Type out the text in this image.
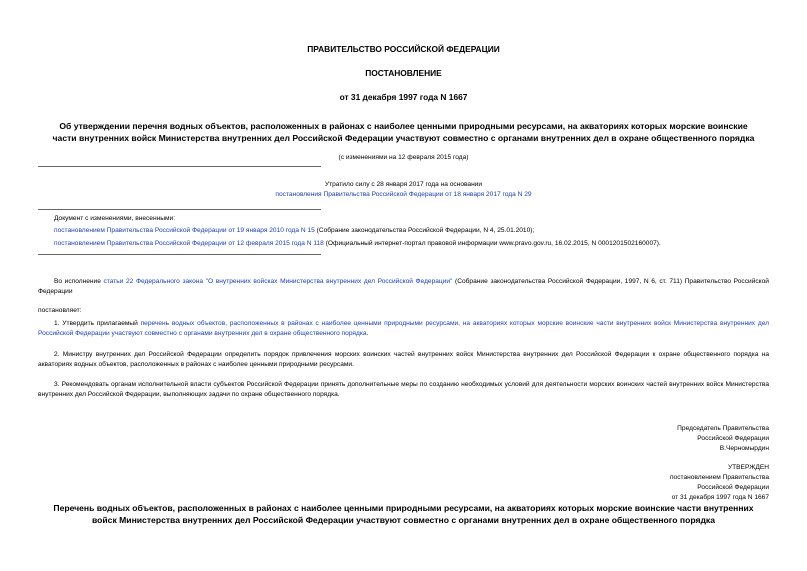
ПРАВИТЕЛЬСТВО РОССИЙСКОЙ ФЕДЕРАЦИИ
ПОСТАНОВЛЕНИЕ
от 31 декабря 1997 года N 1667
Об утверждении перечня водных объектов, расположенных в районах с наиболее ценными природными ресурсами, на акваториях которых морские воинские
части внутренних войск Министерства внутренних дел Российской Федерации участвуют совместно с органами внутренних дел в охране общественного порядка
(с изменениями на 12 февраля 2015 года)
Утратило силу с 28 января 2017 года на основании
постановления Правительства Российской Федерации от 18 января 2017 года N 29
Документ с изменениями, внесенными:
постановлением Правительства Российской Федерации от 19 января 2010 года N 15 (Собрание законодательства Российской Федерации, N 4, 25.01.2010);
постановлением Правительства Российской Федерации от 12 февраля 2015 года N 118 (Официальный интернет-портал правовой информации www.pravo.gov.ru, 16.02.2015, N 0001201502160007).

Во исполнение статьи 22 Федерального закона "О внутренних войсках Министерства внутренних дел Российской Федерации" (Собрание законодательства Российской Федерации, 1997, N 6, ст. 711) Правительство Российской Федерации

постановляет:

1. Утвердить прилагаемый перечень водных объектов, расположенных в районах с наиболее ценными природными ресурсами, на акваториях которых морские воинские части внутренних войск Министерства внутренних дел Российской Федерации участвуют совместно с органами внутренних дел в охране общественного порядка.

2. Министру внутренних дел Российской Федерации определить порядок привлечения морских воинских частей внутренних войск Министерства внутренних дел Российской Федерации к охране общественного порядка на акваториях водных объектов, расположенных в районах с наиболее ценными природными ресурсами.

3. Рекомендовать органам исполнительной власти субъектов Российской Федерации принять дополнительные меры по созданию необходимых условий для деятельности морских воинских частей внутренних войск Министерства внутренних дел Российской Федерации, выполняющих задачи по охране общественного порядка.

Председатель Правительства
Российской Федерации
В.Черномырдин
УТВЕРЖДЕН
постановлением Правительства
Российской Федерации
от 31 декабря 1997 года N 1667
Перечень водных объектов, расположенных в районах с наиболее ценными природными ресурсами, на акваториях которых морские воинские части внутренних
войск Министерства внутренних дел Российской Федерации участвуют совместно с органами внутренних дел в охране общественного порядка
